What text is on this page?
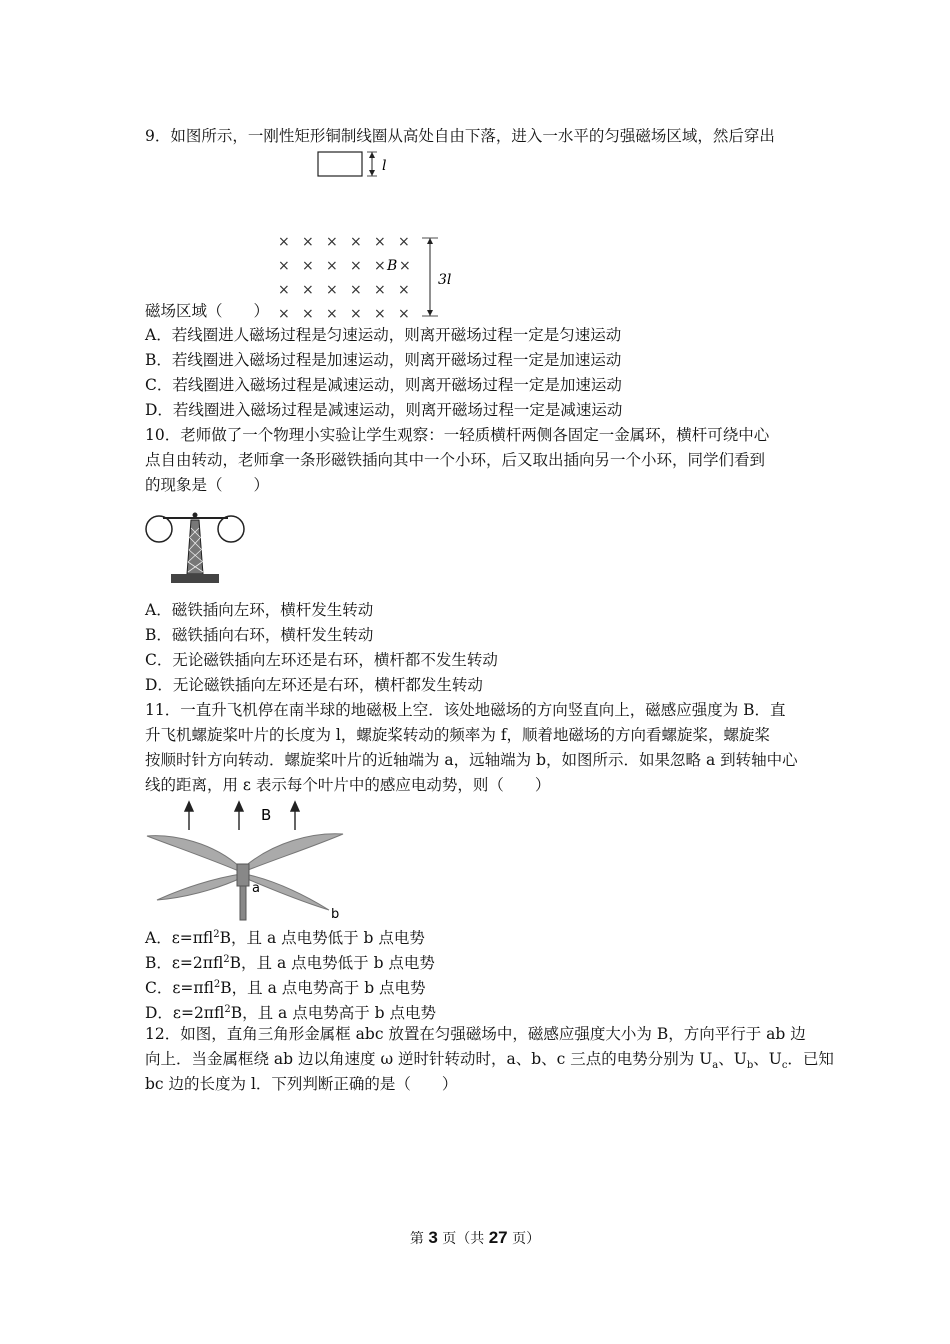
9．如图所示，一刚性矩形铜制线圈从高处自由下落，进入一水平的匀强磁场区域，然后穿出
l
× × × × × ×
× × × × × ×
× × × × × ×
× × × × × ×
B
3l
磁场区域（　　）
A．若线圈进人磁场过程是匀速运动，则离开磁场过程一定是匀速运动
B．若线圈进入磁场过程是加速运动，则离开磁场过程一定是加速运动
C．若线圈进入磁场过程是减速运动，则离开磁场过程一定是加速运动
D．若线圈进入磁场过程是减速运动，则离开磁场过程一定是减速运动
10．老师做了一个物理小实验让学生观察：一轻质横杆两侧各固定一金属环，横杆可绕中心
点自由转动，老师拿一条形磁铁插向其中一个小环，后又取出插向另一个小环，同学们看到
的现象是（　　）
A．磁铁插向左环，横杆发生转动
B．磁铁插向右环，横杆发生转动
C．无论磁铁插向左环还是右环，横杆都不发生转动
D．无论磁铁插向左环还是右环，横杆都发生转动
11．一直升飞机停在南半球的地磁极上空．该处地磁场的方向竖直向上，磁感应强度为 B．直
升飞机螺旋桨叶片的长度为 l，螺旋桨转动的频率为 f，顺着地磁场的方向看螺旋桨，螺旋桨
按顺时针方向转动．螺旋桨叶片的近轴端为 a，远轴端为 b，如图所示．如果忽略 a 到转轴中心
线的距离，用 ε 表示每个叶片中的感应电动势，则（　　）
B
a
b
A．ε=πfl$^2$B，且 a 点电势低于 b 点电势
B．ε=2πfl$^2$B，且 a 点电势低于 b 点电势
C．ε=πfl$^2$B，且 a 点电势高于 b 点电势
D．ε=2πfl$^2$B，且 a 点电势高于 b 点电势
12．如图，直角三角形金属框 abc 放置在匀强磁场中，磁感应强度大小为 B，方向平行于 ab 边
向上．当金属框绕 ab 边以角速度 ω 逆时针转动时，a、b、c 三点的电势分别为 $U_a$、$U_b$、$U_c$．已知
bc 边的长度为 l．下列判断正确的是（　　）
第 3 页（共 27 页）
